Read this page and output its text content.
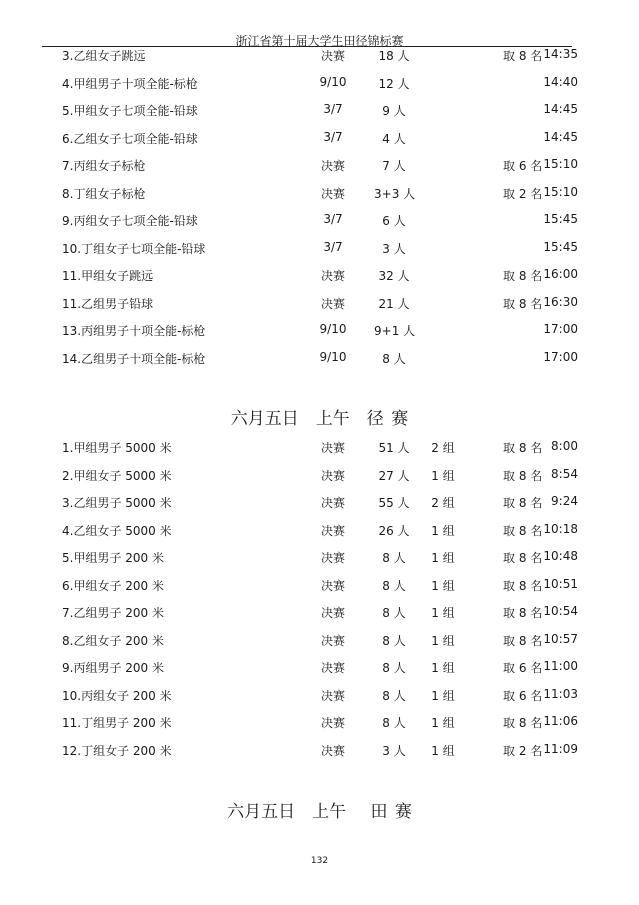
浙江省第十届大学生田径锦标赛
3.乙组女子跳远	决赛	18 人	取 8 名 14:35
4.甲组男子十项全能-标枪	9/10	12 人	14:40
5.甲组女子七项全能-铅球	3/7	9 人	14:45
6.乙组女子七项全能-铅球	3/7	4 人	14:45
7.丙组女子标枪	决赛	7 人	取 6 名 15:10
8.丁组女子标枪	决赛 3+3 人	取 2 名 15:10
9.丙组女子七项全能-铅球	3/7	6 人	15:45
10.丁组女子七项全能-铅球	3/7	3 人	15:45
11.甲组女子跳远	决赛	32 人	取 8 名 16:00
11.乙组男子铅球	决赛	21 人	取 8 名 16:30
13.丙组男子十项全能-标枪	9/10 9+1 人	17:00
14.乙组男子十项全能-标枪	9/10	8 人	17:00
六月五日　上午　径 赛
1.甲组男子 5000 米	决赛	51 人	2 组	取 8 名 8:00
2.甲组女子 5000 米	决赛	27 人	1 组	取 8 名 8:54
3.乙组男子 5000 米	决赛	55 人	2 组	取 8 名 9:24
4.乙组女子 5000 米	决赛	26 人	1 组	取 8 名 10:18
5.甲组男子 200 米	决赛	8 人	1 组	取 8 名 10:48
6.甲组女子 200 米	决赛	8 人	1 组	取 8 名 10:51
7.乙组男子 200 米	决赛	8 人	1 组	取 8 名 10:54
8.乙组女子 200 米	决赛	8 人	1 组	取 8 名 10:57
9.丙组男子 200 米	决赛	8 人	1 组	取 6 名 11:00
10.丙组女子 200 米	决赛	8 人	1 组	取 6 名 11:03
11.丁组男子 200 米	决赛	8 人	1 组	取 8 名 11:06
12.丁组女子 200 米	决赛	3 人	1 组	取 2 名 11:09
六月五日　上午　 田 赛
132
